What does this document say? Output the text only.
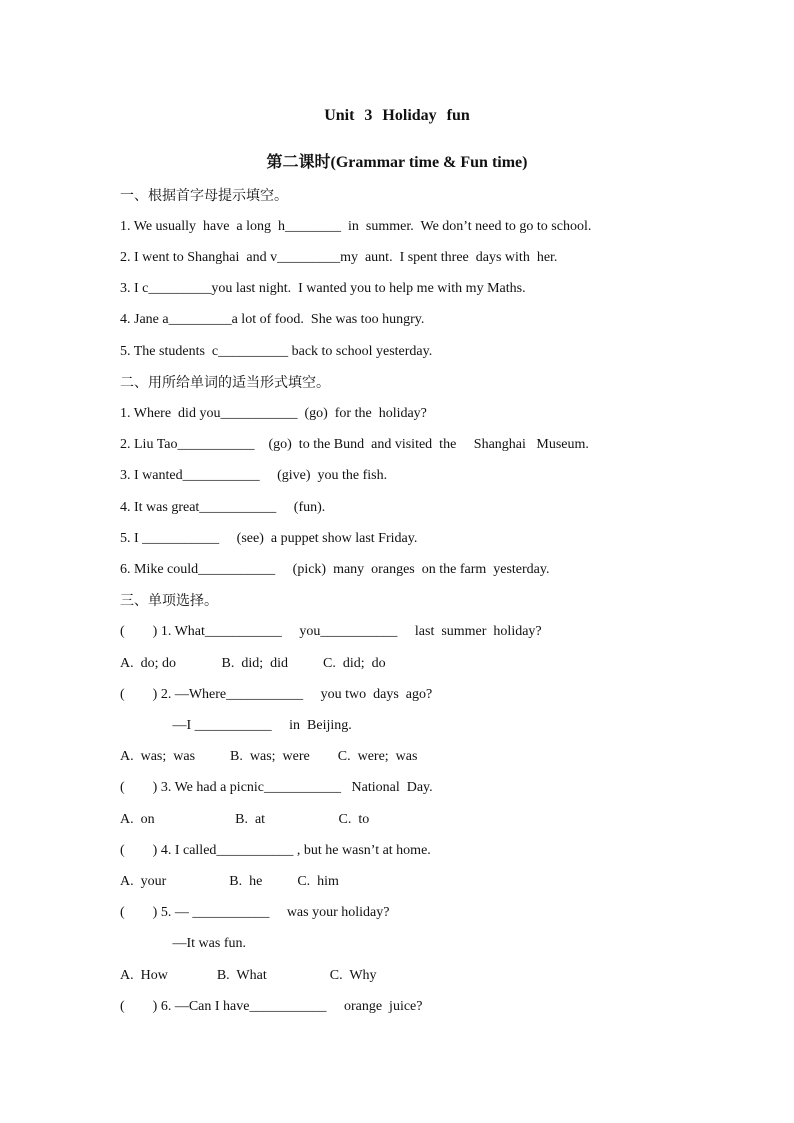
Unit 3 Holiday fun
第二课时(Grammar time & Fun time)
一、根据首字母提示填空。
1. We usually  have  a long  h________  in  summer.  We don’t need to go to school.
2. I went to Shanghai  and v_________my  aunt.  I spent three  days with  her.
3. I c_________you last night.  I wanted you to help me with my Maths.
4. Jane a_________a lot of food.  She was too hungry.
5. The students  c__________ back to school yesterday.
二、用所给单词的适当形式填空。
1. Where  did you___________  (go)  for the  holiday?
2. Liu Tao___________    (go)  to the Bund  and visited  the     Shanghai   Museum.
3. I wanted___________     (give)  you the fish.
4. It was great___________     (fun).
5. I ___________     (see)  a puppet show last Friday.
6. Mike could___________     (pick)  many  oranges  on the farm  yesterday.
三、单项选择。
(        ) 1. What___________     you___________     last  summer  holiday?
A.  do; do             B.  did;  did          C.  did;  do
(        ) 2. —Where___________     you two  days  ago?
—I ___________     in  Beijing.
A.  was;  was          B.  was;  were        C.  were;  was
(        ) 3. We had a picnic___________   National  Day.
A.  on                       B.  at                     C.  to
(        ) 4. I called___________ , but he wasn’t at home.
A.  your                  B.  he          C.  him
(        ) 5. — ___________     was your holiday?
—It was fun.
A.  How              B.  What                  C.  Why
(        ) 6. —Can I have___________     orange  juice?
